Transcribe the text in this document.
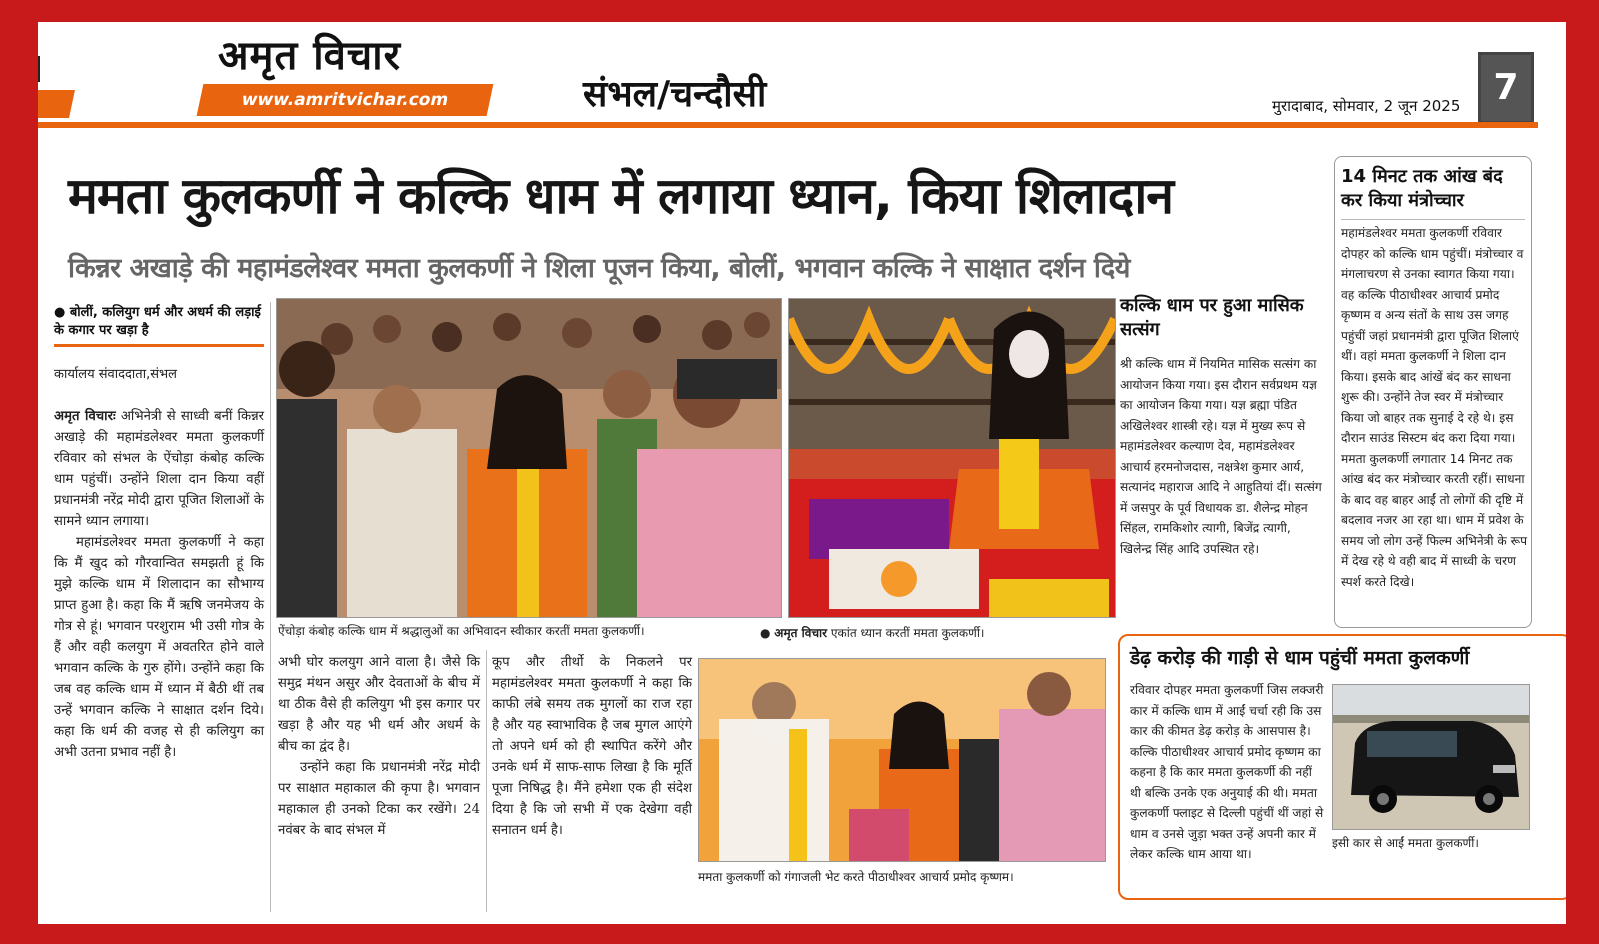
अमृत विचार
www.amritvichar.com	संभल/चन्दौसी	मुरादाबाद, सोमवार, 2 जून 2025 7
ममता कुलकर्णी ने कल्कि धाम में लगाया ध्यान, किया शिलादान
किन्नर अखाड़े की महामंडलेश्वर ममता कुलकर्णी ने शिला पूजन किया, बोलीं, भगवान कल्कि ने साक्षात दर्शन दिये
● बोलीं, कलियुग धर्म और अधर्म की लड़ाई के कगार पर खड़ा है
कार्यालय संवाददाता,संभल

अमृत विचारः अभिनेत्री से साध्वी बनीं किन्नर अखाड़े की महामंडलेश्वर ममता कुलकर्णी रविवार को संभल के ऐंचोड़ा कंबोह कल्कि धाम पहुंचीं। उन्होंने शिला दान किया वहीं प्रधानमंत्री नरेंद्र मोदी द्वारा पूजित शिलाओं के सामने ध्यान लगाया।

महामंडलेश्वर ममता कुलकर्णी ने कहा कि मैं खुद को गौरवान्वित समझती हूं कि मुझे कल्कि धाम में शिलादान का सौभाग्य प्राप्त हुआ है। कहा कि मैं ऋषि जनमेजय के गोत्र से हूं। भगवान परशुराम भी उसी गोत्र के हैं और वही कलयुग में अवतरित होने वाले भगवान कल्कि के गुरु होंगे। उन्होंने कहा कि जब वह कल्कि धाम में ध्यान में बैठी थीं तब उन्हें भगवान कल्कि ने साक्षात दर्शन दिये। कहा कि धर्म की वजह से ही कलियुग का अभी उतना प्रभाव नहीं है।

ऐंचोड़ा कंबोह कल्कि धाम में श्रद्धालुओं का अभिवादन स्वीकार करतीं ममता कुलकर्णी।	● अमृत विचार एकांत ध्यान करतीं ममता कुलकर्णी।
कल्कि धाम पर हुआ मासिक सत्संग
श्री कल्कि धाम में नियमित मासिक सत्संग का आयोजन किया गया। इस दौरान सर्वप्रथम यज्ञ का आयोजन किया गया। यज्ञ ब्रह्मा पंडित अखिलेश्वर शास्त्री रहे। यज्ञ में मुख्य रूप से महामंडलेश्वर कल्याण देव, महामंडलेश्वर आचार्य हरमनोजदास, नक्षत्रेश कुमार आर्य, सत्यानंद महाराज आदि ने आहुतियां दीं। सत्संग में जसपुर के पूर्व विधायक डा. शैलेन्द्र मोहन सिंहल, रामकिशोर त्यागी, बिजेंद्र त्यागी, खिलेन्द्र सिंह आदि उपस्थित रहे।
14 मिनट तक आंख बंद कर किया मंत्रोच्चार
महामंडलेश्वर ममता कुलकर्णी रविवार दोपहर को कल्कि धाम पहुंचीं। मंत्रोच्चार व मंगलाचरण से उनका स्वागत किया गया। वह कल्कि पीठाधीश्वर आचार्य प्रमोद कृष्णम व अन्य संतों के साथ उस जगह पहुंचीं जहां प्रधानमंत्री द्वारा पूजित शिलाएं थीं। वहां ममता कुलकर्णी ने शिला दान किया। इसके बाद आंखें बंद कर साधना शुरू की। उन्होंने तेज स्वर में मंत्रोच्चार किया जो बाहर तक सुनाई दे रहे थे। इस दौरान साउंड सिस्टम बंद करा दिया गया। ममता कुलकर्णी लगातार 14 मिनट तक आंख बंद कर मंत्रोच्चार करती रहीं। साधना के बाद वह बाहर आईं तो लोगों की दृष्टि में बदलाव नजर आ रहा था। धाम में प्रवेश के समय जो लोग उन्हें फिल्म अभिनेत्री के रूप में देख रहे थे वही बाद में साध्वी के चरण स्पर्श करते दिखे।

अभी घोर कलयुग आने वाला है। जैसे कि समुद्र मंथन असुर और देवताओं के बीच में था ठीक वैसे ही कलियुग भी इस कगार पर खड़ा है और यह भी धर्म और अधर्म के बीच का द्वंद है।

उन्होंने कहा कि प्रधानमंत्री नरेंद्र मोदी पर साक्षात महाकाल की कृपा है। भगवान महाकाल ही उनको टिका कर रखेंगे। 24 नवंबर के बाद संभल में

कूप और तीर्थो के निकलने पर महामंडलेश्वर ममता कुलकर्णी ने कहा कि काफी लंबे समय तक मुगलों का राज रहा है और यह स्वाभाविक है जब मुगल आएंगे तो अपने धर्म को ही स्थापित करेंगे और उनके धर्म में साफ-साफ लिखा है कि मूर्ति पूजा निषिद्ध है। मैंने हमेशा एक ही संदेश दिया है कि जो सभी में एक देखेगा वही सनातन धर्म है।

ममता कुलकर्णी को गंगाजली भेट करते पीठाधीश्वर आचार्य प्रमोद कृष्णम।
डेढ़ करोड़ की गाड़ी से धाम पहुंचीं ममता कुलकर्णी
रविवार दोपहर ममता कुलकर्णी जिस लक्जरी कार में कल्कि धाम में आईं चर्चा रही कि उस कार की कीमत डेढ़ करोड़ के आसपास है। कल्कि पीठाधीश्वर आचार्य प्रमोद कृष्णम का कहना है कि कार ममता कुलकर्णी की नहीं थी बल्कि उनके एक अनुयाई की थी। ममता कुलकर्णी फ्लाइट से दिल्ली पहुंचीं थीं जहां से धाम व उनसे जुड़ा भक्त उन्हें अपनी कार में लेकर कल्कि धाम आया था।
इसी कार से आईं ममता कुलकर्णी।
